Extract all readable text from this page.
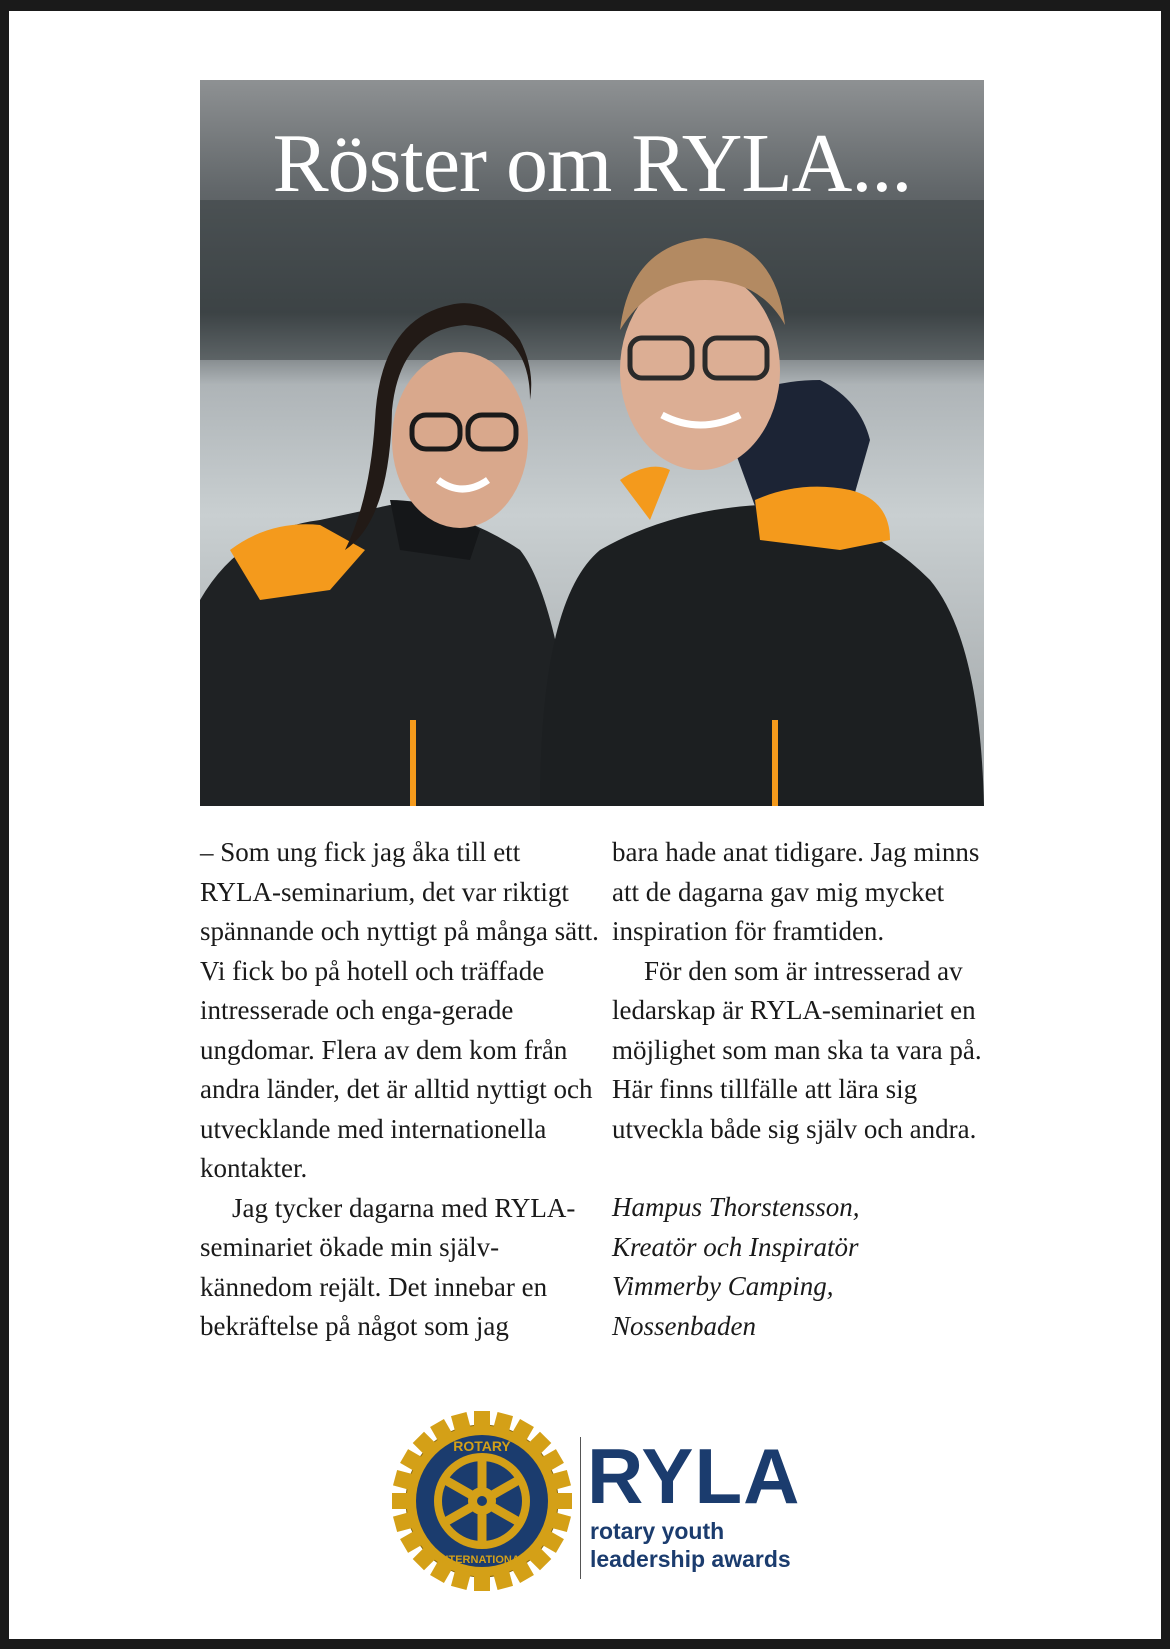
Röster om RYLA...

– Som ung fick jag åka till ett RYLA-seminarium, det var riktigt spännande och nyttigt på många sätt. Vi fick bo på hotell och träffade intresserade och enga-gerade ungdomar. Flera av dem kom från andra länder, det är alltid nyttigt och utvecklande med internationella kontakter.

Jag tycker dagarna med RYLA-seminariet ökade min själv-kännedom rejält. Det innebar en bekräftelse på något som jag

bara hade anat tidigare. Jag minns att de dagarna gav mig mycket inspiration för framtiden.

För den som är intresserad av ledarskap är RYLA-seminariet en möjlighet som man ska ta vara på. Här finns tillfälle att lära sig utveckla både sig själv och andra.

Hampus Thorstensson,
Kreatör och Inspiratör
Vimmerby Camping,
Nossenbaden

ROTARY
INTERNATIONAL
RYLA
rotary youth
leadership awards
